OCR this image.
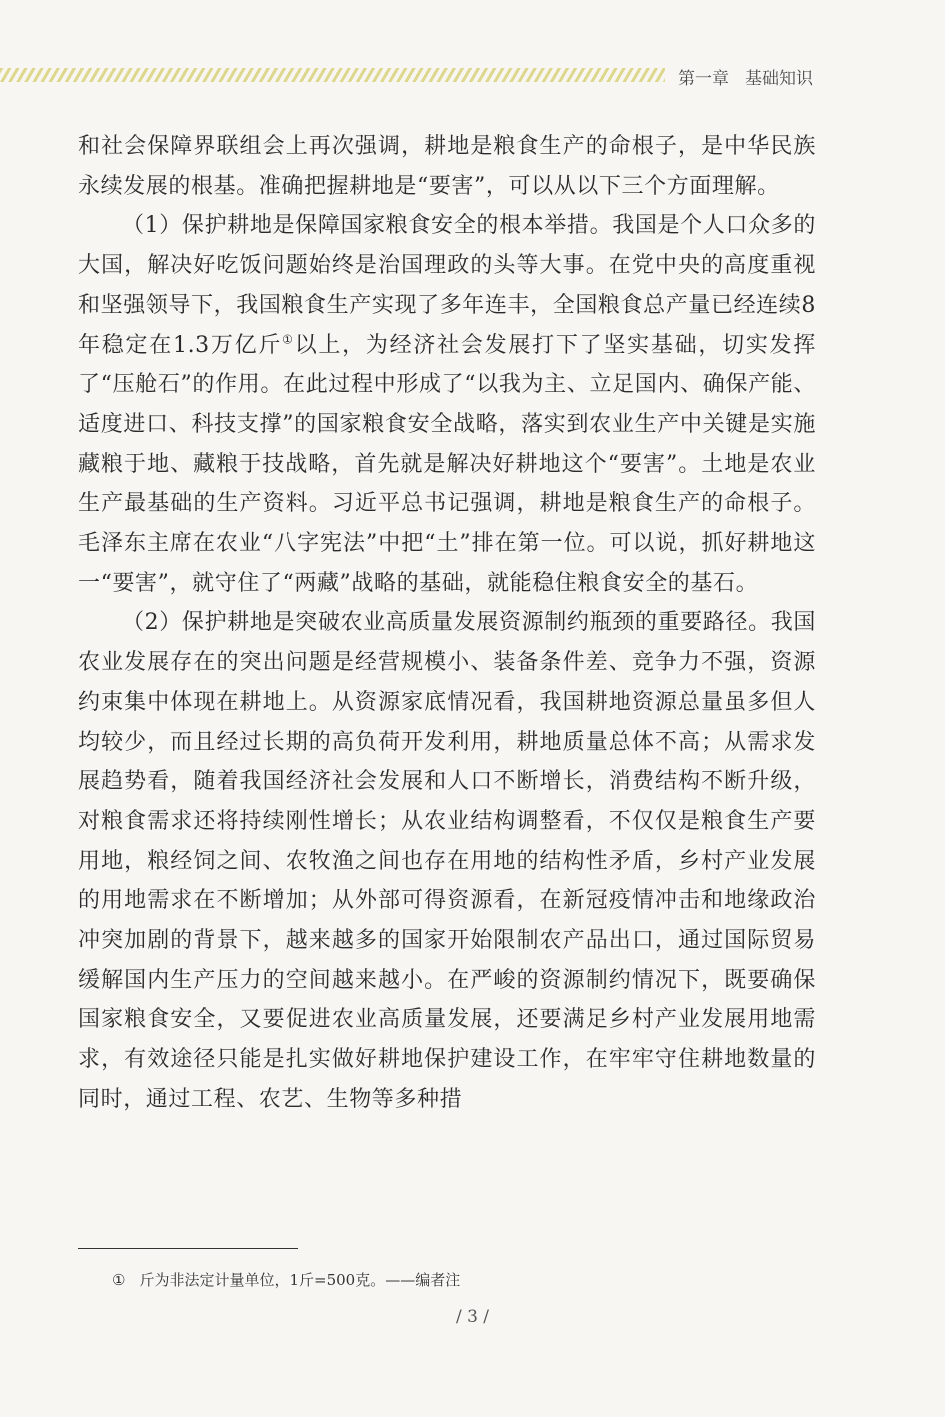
第一章 基础知识

和社会保障界联组会上再次强调，耕地是粮食生产的命根子，是中华民族永续发展的根基。准确把握耕地是“要害”，可以从以下三个方面理解。

（1）保护耕地是保障国家粮食安全的根本举措。我国是个人口众多的大国，解决好吃饭问题始终是治国理政的头等大事。在党中央的高度重视和坚强领导下，我国粮食生产实现了多年连丰，全国粮食总产量已经连续8年稳定在1.3万亿斤①以上，为经济社会发展打下了坚实基础，切实发挥了“压舱石”的作用。在此过程中形成了“以我为主、立足国内、确保产能、适度进口、科技支撑”的国家粮食安全战略，落实到农业生产中关键是实施藏粮于地、藏粮于技战略，首先就是解决好耕地这个“要害”。土地是农业生产最基础的生产资料。习近平总书记强调，耕地是粮食生产的命根子。毛泽东主席在农业“八字宪法”中把“土”排在第一位。可以说，抓好耕地这一“要害”，就守住了“两藏”战略的基础，就能稳住粮食安全的基石。

（2）保护耕地是突破农业高质量发展资源制约瓶颈的重要路径。我国农业发展存在的突出问题是经营规模小、装备条件差、竞争力不强，资源约束集中体现在耕地上。从资源家底情况看，我国耕地资源总量虽多但人均较少，而且经过长期的高负荷开发利用，耕地质量总体不高；从需求发展趋势看，随着我国经济社会发展和人口不断增长，消费结构不断升级，对粮食需求还将持续刚性增长；从农业结构调整看，不仅仅是粮食生产要用地，粮经饲之间、农牧渔之间也存在用地的结构性矛盾，乡村产业发展的用地需求在不断增加；从外部可得资源看，在新冠疫情冲击和地缘政治冲突加剧的背景下，越来越多的国家开始限制农产品出口，通过国际贸易缓解国内生产压力的空间越来越小。在严峻的资源制约情况下，既要确保国家粮食安全，又要促进农业高质量发展，还要满足乡村产业发展用地需求，有效途径只能是扎实做好耕地保护建设工作，在牢牢守住耕地数量的同时，通过工程、农艺、生物等多种措

① 斤为非法定计量单位，1斤=500克。——编者注
/ 3 /
